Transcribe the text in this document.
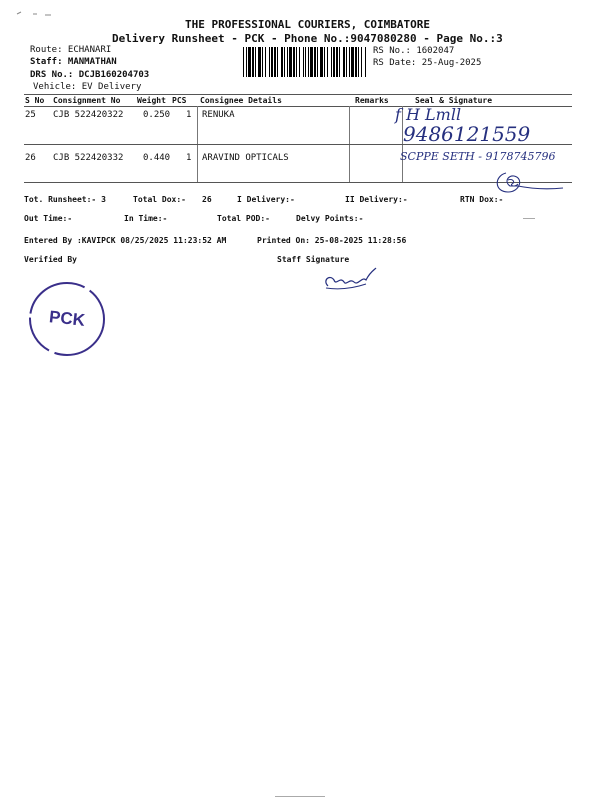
THE PROFESSIONAL COURIERS, COIMBATORE
Delivery Runsheet - PCK - Phone No.:9047080280 - Page No.:3
Route: ECHANARI
Staff: MANMATHAN
DRS No.: DCJB160204703
Vehicle: EV Delivery
RS No.: 1602047
RS Date: 25-Aug-2025
S No Consignment No Weight PCS Consignee Details	Remarks	Seal & Signature
25 CJB 522420322 0.250 1 RENUKA
26 CJB 522420332 0.440 1 ARAVIND OPTICALS
f H Lmll
9486121559
SCPPE SETH - 9178745796
Tot. Runsheet:- 3	Total Dox:- 26	I Delivery:-	II Delivery:-	RTN Dox:-
Out Time:-	In Time:-	Total POD:-	Delvy Points:-
Entered By :KAVIPCK 08/25/2025 11:23:52 AM	Printed On: 25-08-2025 11:28:56
Verified By	Staff Signature
PCK
